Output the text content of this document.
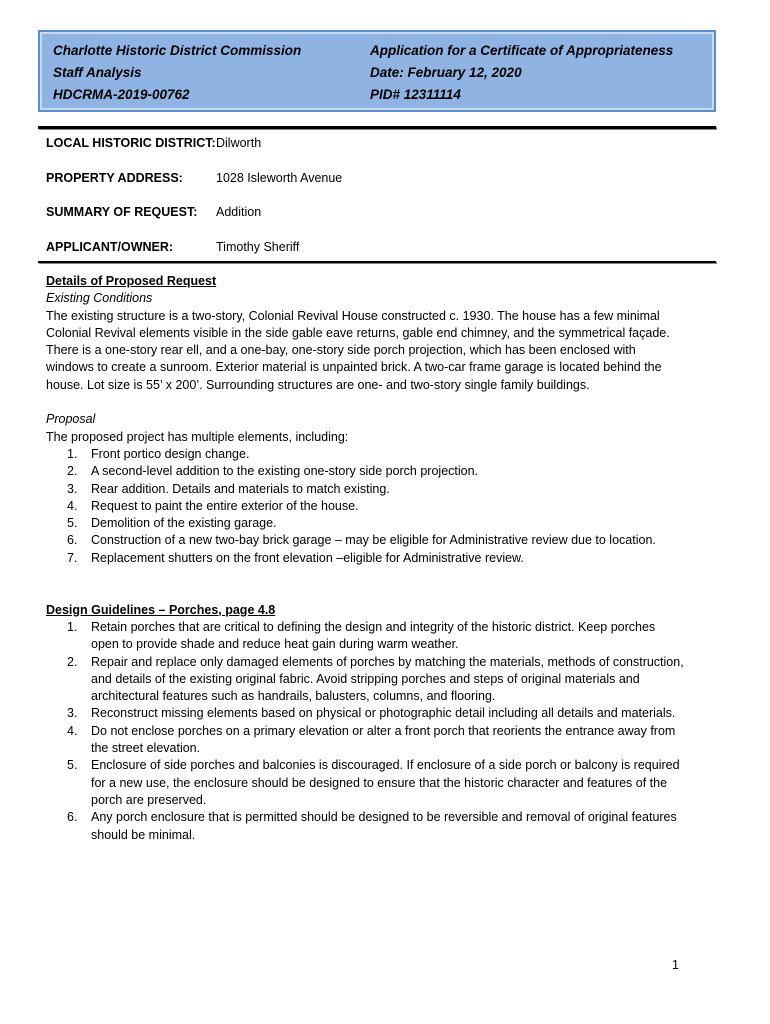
Charlotte Historic District Commission
Staff Analysis
HDCRMA-2019-00762
Application for a Certificate of Appropriateness
Date: February 12, 2020
PID# 12311114
LOCAL HISTORIC DISTRICT: Dilworth
PROPERTY ADDRESS:	1028 Isleworth Avenue
SUMMARY OF REQUEST: Addition
APPLICANT/OWNER:	Timothy Sheriff

Details of Proposed Request

Existing Conditions

The existing structure is a two-story, Colonial Revival House constructed c. 1930. The house has a few minimal Colonial Revival elements visible in the side gable eave returns, gable end chimney, and the symmetrical façade. There is a one-story rear ell, and a one-bay, one-story side porch projection, which has been enclosed with windows to create a sunroom. Exterior material is unpainted brick. A two-car frame garage is located behind the house. Lot size is 55’ x 200’. Surrounding structures are one- and two-story single family buildings.

Proposal

The proposed project has multiple elements, including:

1. Front portico design change.
2. A second-level addition to the existing one-story side porch projection.
3. Rear addition. Details and materials to match existing.
4. Request to paint the entire exterior of the house.
5. Demolition of the existing garage.
6. Construction of a new two-bay brick garage – may be eligible for Administrative review due to location.
7. Replacement shutters on the front elevation –eligible for Administrative review.

Design Guidelines – Porches, page 4.8

1. Retain porches that are critical to defining the design and integrity of the historic district. Keep porches open to provide shade and reduce heat gain during warm weather.
2. Repair and replace only damaged elements of porches by matching the materials, methods of construction, and details of the existing original fabric. Avoid stripping porches and steps of original materials and architectural features such as handrails, balusters, columns, and flooring.
3. Reconstruct missing elements based on physical or photographic detail including all details and materials.
4. Do not enclose porches on a primary elevation or alter a front porch that reorients the entrance away from the street elevation.
5. Enclosure of side porches and balconies is discouraged. If enclosure of a side porch or balcony is required for a new use, the enclosure should be designed to ensure that the historic character and features of the porch are preserved.
6. Any porch enclosure that is permitted should be designed to be reversible and removal of original features should be minimal.
1
